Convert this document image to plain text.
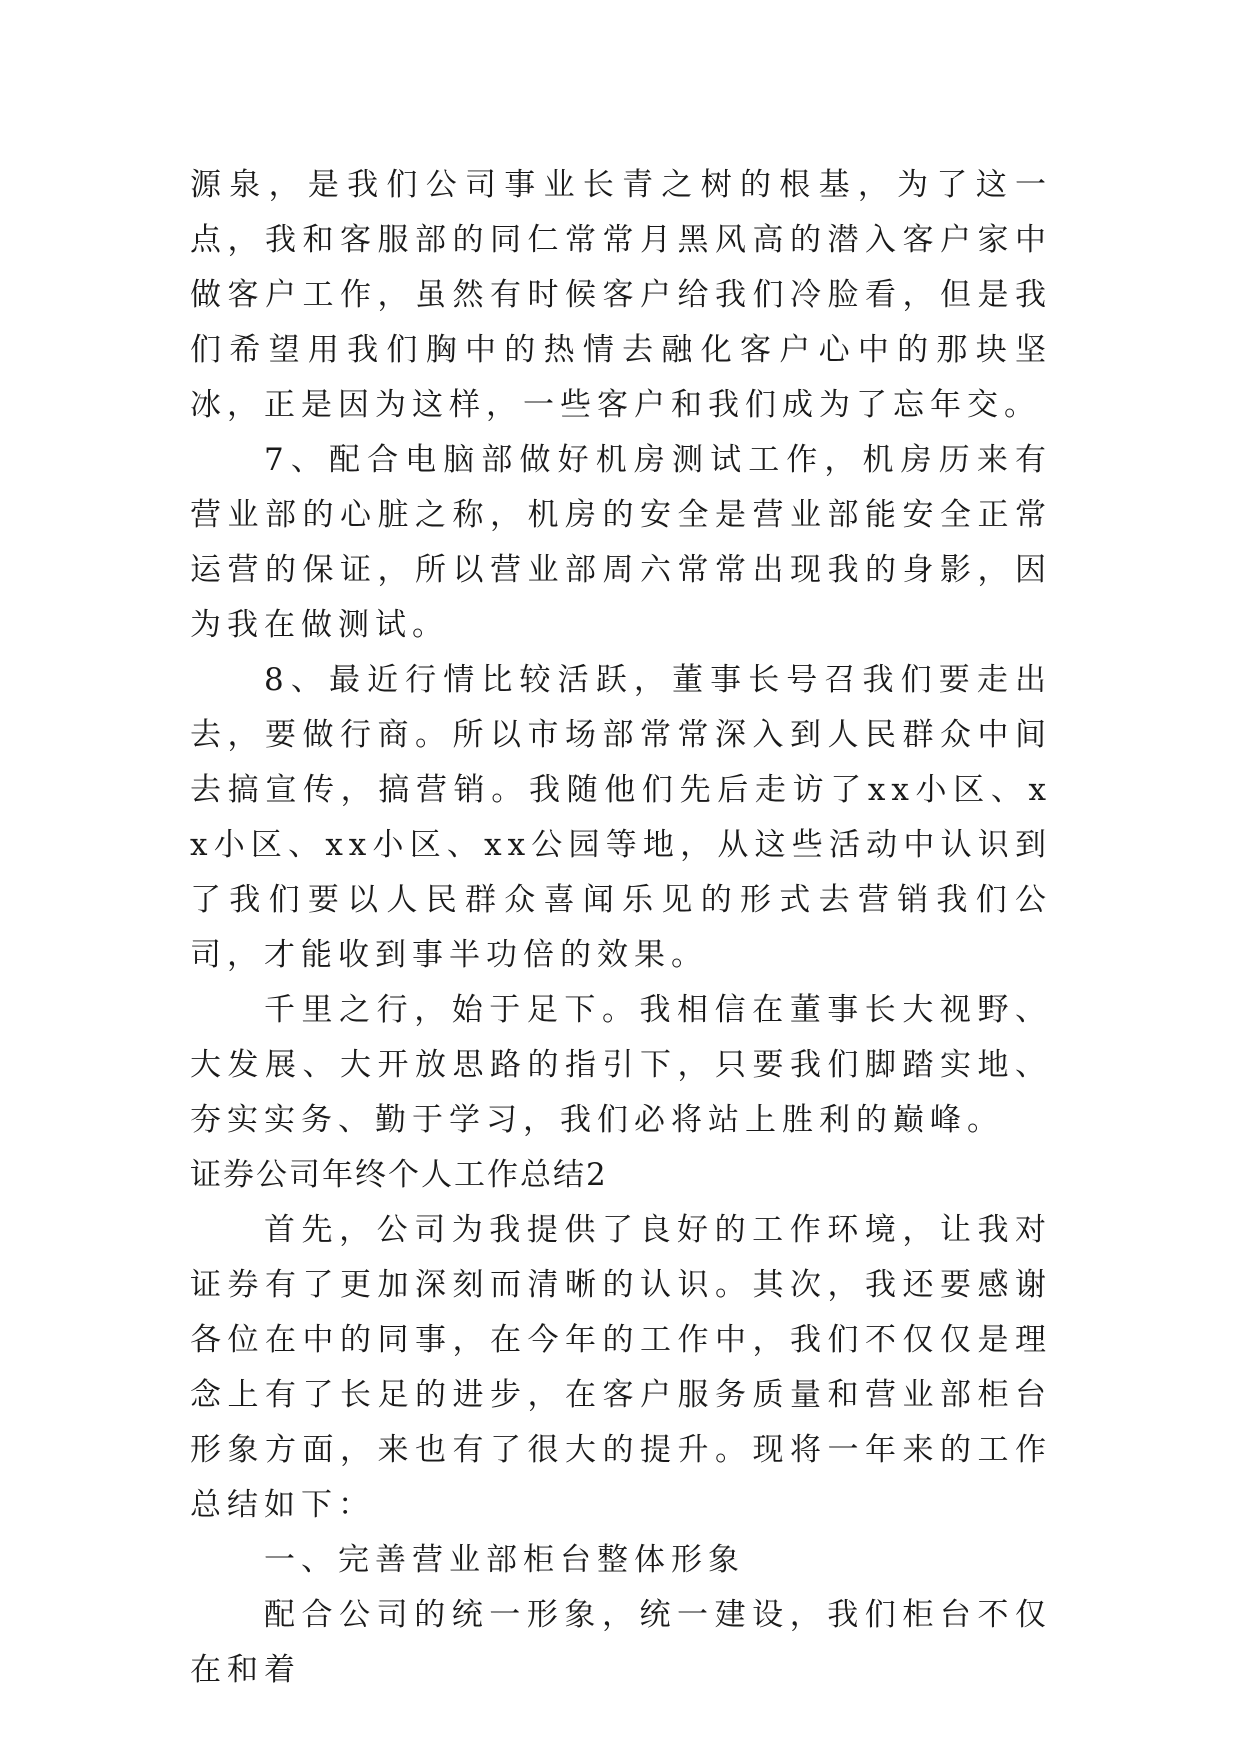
源泉，是我们公司事业长青之树的根基，为了这一点，我和客服部的同仁常常月黑风高的潜入客户家中做客户工作，虽然有时候客户给我们冷脸看，但是我们希望用我们胸中的热情去融化客户心中的那块坚冰，正是因为这样，一些客户和我们成为了忘年交。

7、配合电脑部做好机房测试工作，机房历来有营业部的心脏之称，机房的安全是营业部能安全正常运营的保证，所以营业部周六常常出现我的身影，因为我在做测试。

8、最近行情比较活跃，董事长号召我们要走出去，要做行商。所以市场部常常深入到人民群众中间去搞宣传，搞营销。我随他们先后走访了xx小区、xx小区、xx小区、xx公园等地，从这些活动中认识到了我们要以人民群众喜闻乐见的形式去营销我们公司，才能收到事半功倍的效果。

千里之行，始于足下。我相信在董事长大视野、大发展、大开放思路的指引下，只要我们脚踏实地、夯实实务、勤于学习，我们必将站上胜利的巅峰。

证券公司年终个人工作总结2

首先，公司为我提供了良好的工作环境，让我对证券有了更加深刻而清晰的认识。其次，我还要感谢各位在中的同事，在今年的工作中，我们不仅仅是理念上有了长足的进步，在客户服务质量和营业部柜台形象方面，来也有了很大的提升。现将一年来的工作总结如下：

一、完善营业部柜台整体形象

配合公司的统一形象，统一建设，我们柜台不仅在和着
